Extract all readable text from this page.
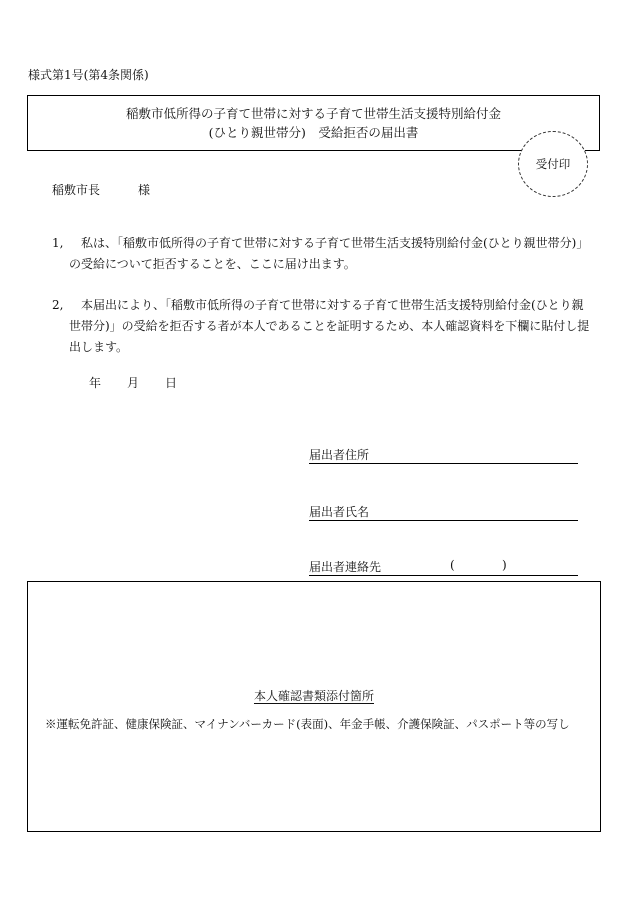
様式第1号(第4条関係)
稲敷市低所得の子育て世帯に対する子育て世帯生活支援特別給付金
(ひとり親世帯分)　受給拒否の届出書
受付印
稲敷市長	様
1,	私は、「稲敷市低所得の子育て世帯に対する子育て世帯生活支援特別給付金(ひとり親世帯分)」の受給について拒否することを、ここに届け出ます。
2,	本届出により、「稲敷市低所得の子育て世帯に対する子育て世帯生活支援特別給付金(ひとり親世帯分)」の受給を拒否する者が本人であることを証明するため、本人確認資料を下欄に貼付し提出します。
年 月 日
届出者住所
届出者氏名
届出者連絡先	(	)
本人確認書類添付箇所
※運転免許証、健康保険証、マイナンバーカード(表面)、年金手帳、介護保険証、パスポート等の写し
